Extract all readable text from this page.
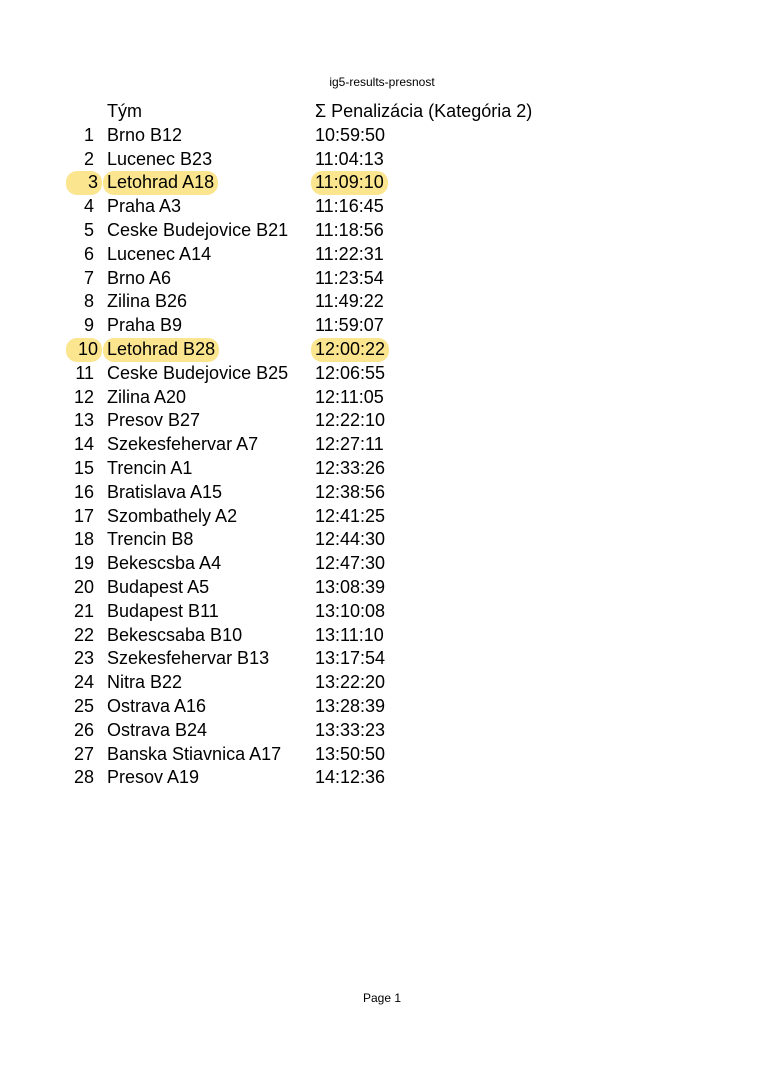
ig5-results-presnost
Tým	Σ Penalizácia (Kategória 2)
1 Brno B12	10:59:50
2 Lucenec B23	11:04:13
3 Letohrad A18	11:09:10
4 Praha A3	11:16:45
5 Ceske Budejovice B21 11:18:56
6 Lucenec A14	11:22:31
7 Brno A6	11:23:54
8 Zilina B26	11:49:22
9 Praha B9	11:59:07
10 Letohrad B28	12:00:22
11 Ceske Budejovice B25 12:06:55
12 Zilina A20	12:11:05
13 Presov B27	12:22:10
14 Szekesfehervar A7	12:27:11
15 Trencin A1	12:33:26
16 Bratislava A15	12:38:56
17 Szombathely A2	12:41:25
18 Trencin B8	12:44:30
19 Bekescsba A4	12:47:30
20 Budapest A5	13:08:39
21 Budapest B11	13:10:08
22 Bekescsaba B10	13:11:10
23 Szekesfehervar B13	13:17:54
24 Nitra B22	13:22:20
25 Ostrava A16	13:28:39
26 Ostrava B24	13:33:23
27 Banska Stiavnica A17 13:50:50
28 Presov A19	14:12:36
Page 1
